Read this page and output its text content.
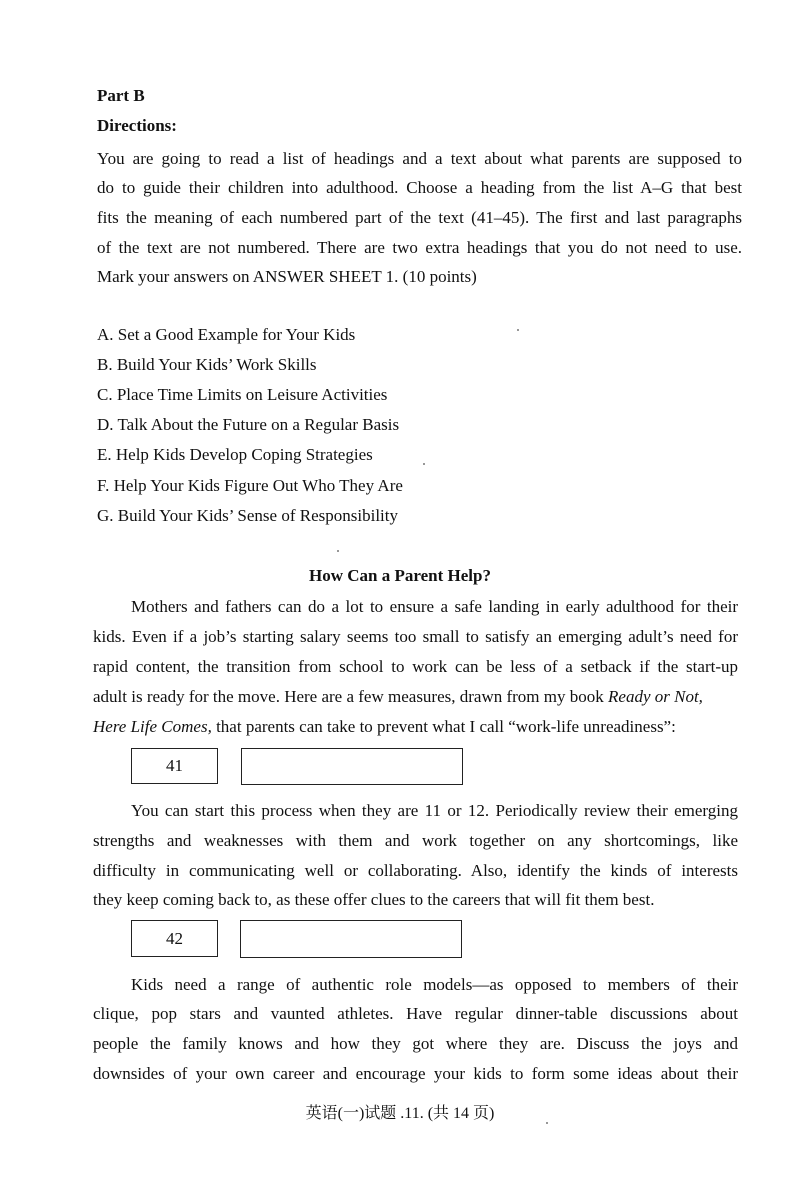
Part B
Directions:
You are going to read a list of headings and a text about what parents are supposed to
do to guide their children into adulthood. Choose a heading from the list A–G that best
fits the meaning of each numbered part of the text (41–45). The first and last paragraphs
of the text are not numbered. There are two extra headings that you do not need to use.
Mark your answers on ANSWER SHEET 1. (10 points)
A. Set a Good Example for Your Kids
B. Build Your Kids’ Work Skills
C. Place Time Limits on Leisure Activities
D. Talk About the Future on a Regular Basis
E. Help Kids Develop Coping Strategies
F. Help Your Kids Figure Out Who They Are
G. Build Your Kids’ Sense of Responsibility
How Can a Parent Help?
Mothers and fathers can do a lot to ensure a safe landing in early adulthood for their
kids. Even if a job’s starting salary seems too small to satisfy an emerging adult’s need for
rapid content, the transition from school to work can be less of a setback if the start-up
adult is ready for the move. Here are a few measures, drawn from my book Ready or Not,
Here Life Comes, that parents can take to prevent what I call “work-life unreadiness”:
41
You can start this process when they are 11 or 12. Periodically review their emerging
strengths and weaknesses with them and work together on any shortcomings, like
difficulty in communicating well or collaborating. Also, identify the kinds of interests
they keep coming back to, as these offer clues to the careers that will fit them best.
42
Kids need a range of authentic role models—as opposed to members of their
clique, pop stars and vaunted athletes. Have regular dinner-table discussions about
people the family knows and how they got where they are. Discuss the joys and
downsides of your own career and encourage your kids to form some ideas about their
英语(一)试题 .11. (共 14 页)
